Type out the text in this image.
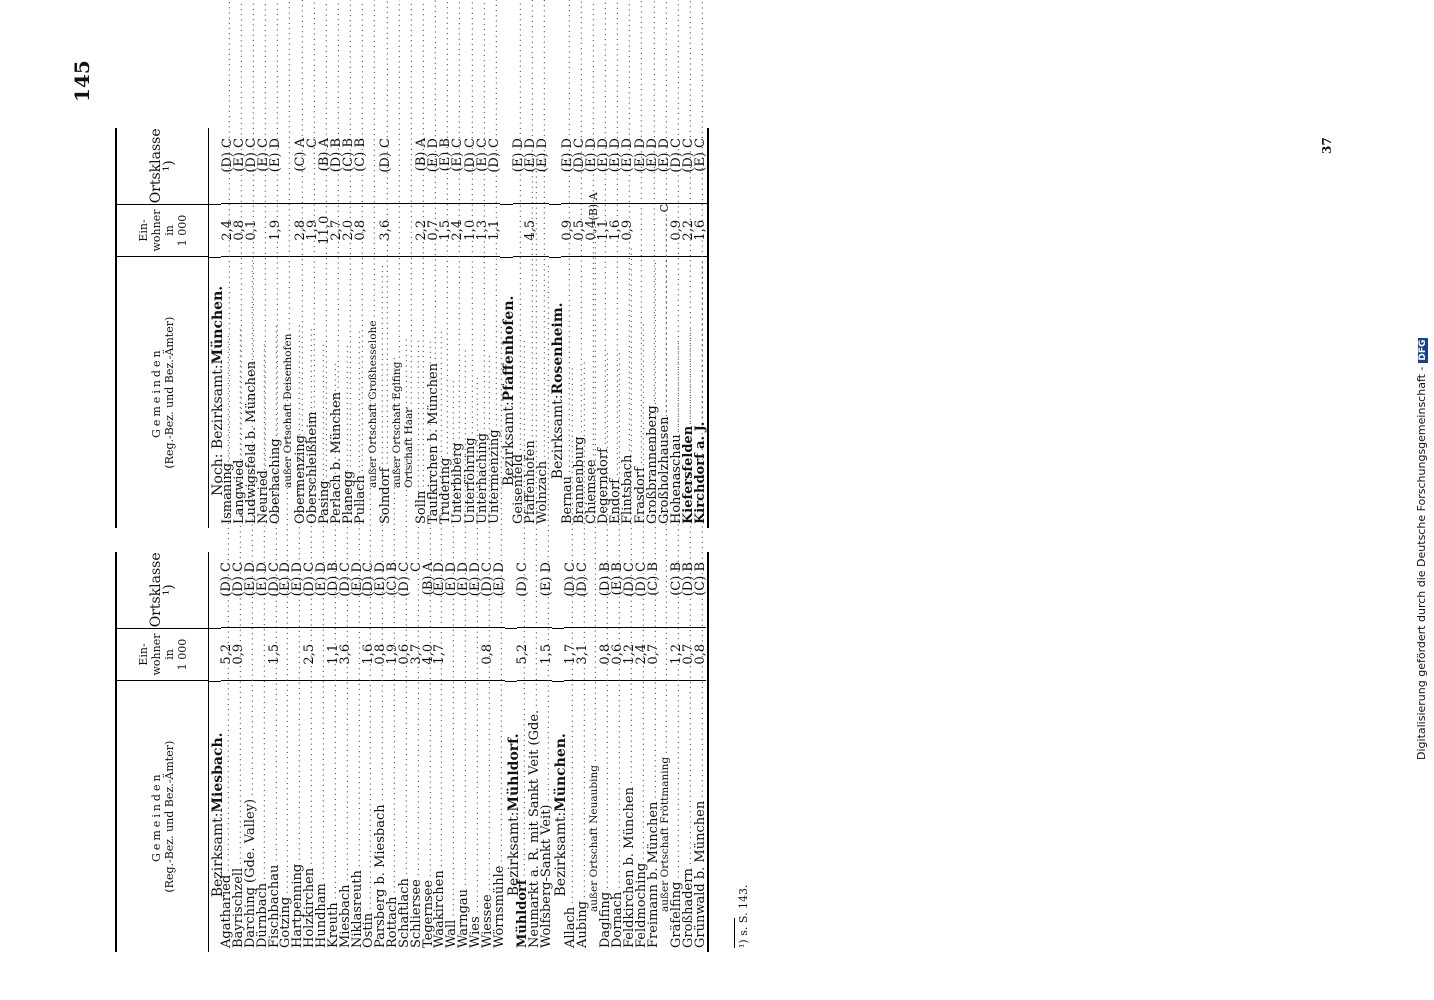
145
Gemeinden (Reg.-Bez. und Bez.-Ämter)
Ein-
wohner
in
1 000
Ortsklasse ¹)
Bezirksamt:
Miesbach.
Agatharied
.....
5,2
(D) C
Bayrischzell
.....
0,9
(D) C
Darching (Gde. Valley)
.....
(E) D
Dürnbach
.....
(E) D
Fischbachau
.....
1,5
(D) C
Gotzing
.....
(E) D
Hartpenning
.....
(E) D
Holzkirchen
.....
2,5
(D) C
Hundham
.....
(E) D
Kreuth
.....
1,1
(D) B
Miesbach
.....
3,6
(D) C
Niklasreuth
.....
(E) D
Ostin
.....
1,6
(D) C
Parsberg b. Miesbach
.....
0,8
(E) D
Rottach
.....
1,9
(C) B
Schaftlach
.....
0,6
(D) C
Schliersee
.....
3,7
C
Tegernsee
.....
4,0
(B) A
Waakirchen
.....
1,7
(E) D
Wall
.....
(E) D
Warngau
.....
(E) D
Wies
.....
(E) D
Wiessee
.....
0,8
(D) C
Wörnsmühle
.....
(E) D
Bezirksamt:
Mühldorf.
Mühldorf
.....
5,2
(D) C
Neumarkt a. R. mit Sankt Veit (Gde.
.....
Wolfsberg-Sankt Veit)
.....
1,5
(E) D
Bezirksamt:
München.
Allach
.....
1,7
(D) C
Aubing
.....
3,1
(D) C
außer Ortschaft Neuaubing
.....
(B) A
Daglfing
.....
0,8
(D) B
Dornach
.....
0,6
(E) B
Feldkirchen b. München
.....
1,2
(D) C
Feldmoching
.....
2,4
(D) C
Freimann b. München
.....
0,7
(C) B
außer Ortschaft Fröttmaning
.....
C
Gräfelfing
.....
1,2
(C) B
Großhadern
.....
0,7
(D) B
Grünwald b. München
.....
0,8
(C) B
Gemeinden (Reg.-Bez. und Bez.-Ämter)
Ein-
wohner
in
1 000
Ortsklasse ¹)
Noch: Bezirksamt:
München.
Ismaning
.....
2,4
(D) C
Langwied
.....
0,8
(E) C
Ludwigsfeld b. München
.....
0,1
(D) C
Neuried
.....
(E) C
Oberhaching
.....
1,9
(E) D
außer Ortschaft Deisenhofen
.....
Obermenzing
.....
2,8
(C) A
Oberschleißheim
.....
1,9
C
Pasing
.....
11,0
(B) A
Perlach b. München
.....
2,7
(D) B
Planegg
.....
2,0
(C) B
Pullach
.....
0,8
(C) B
außer Ortschaft Großhesselohe
.....
Solndorf
.....
3,6
(D) C
außer Ortschaft Eglfing
..... Ortschaft Haar
.....
Solln
.....
2,2
(B) A
Taufkirchen b. München
.....
0,7
(E) D
Trudering
.....
1,5
(E) B
Unterbiberg
.....
2,4
(E) C
Unterföhring
.....
1,0
(D) C
Unterhaching
.....
1,3
(E) C
Untermenzing
.....
1,1
(D) C
Bezirksamt:
Pfaffenhofen.
Geisenfeld
.....
(E) D
Pfaffenhofen
.....
4,5
(E) D
Wolnzach
.....
(E) D
Bezirksamt:
Rosenheim.
Bernau
.....
0,9
(E) D
Brannenburg
.....
0,5
(D) C
Chiemsee
.....
0,4
(E) D
Degerndorf
.....
1,1
(E) D
Endorf
.....
1,6
(E) D
Flintsbach
.....
0,9
(E) D
Frasdorf
.....
(E) D
Großbrannenberg
.....
(E) D
Großholzhausen
.....
(E) D
Hohenaschau
.....
0,9
(D) C
Kiefersfelden
.....
2,2
(D) C
Kirchdorf a. J.
.....
1,6
(E) C
¹) s. S. 143.
37
Digitalisierung gefördert durch die Deutsche Forschungsgemeinschaft -DFG
